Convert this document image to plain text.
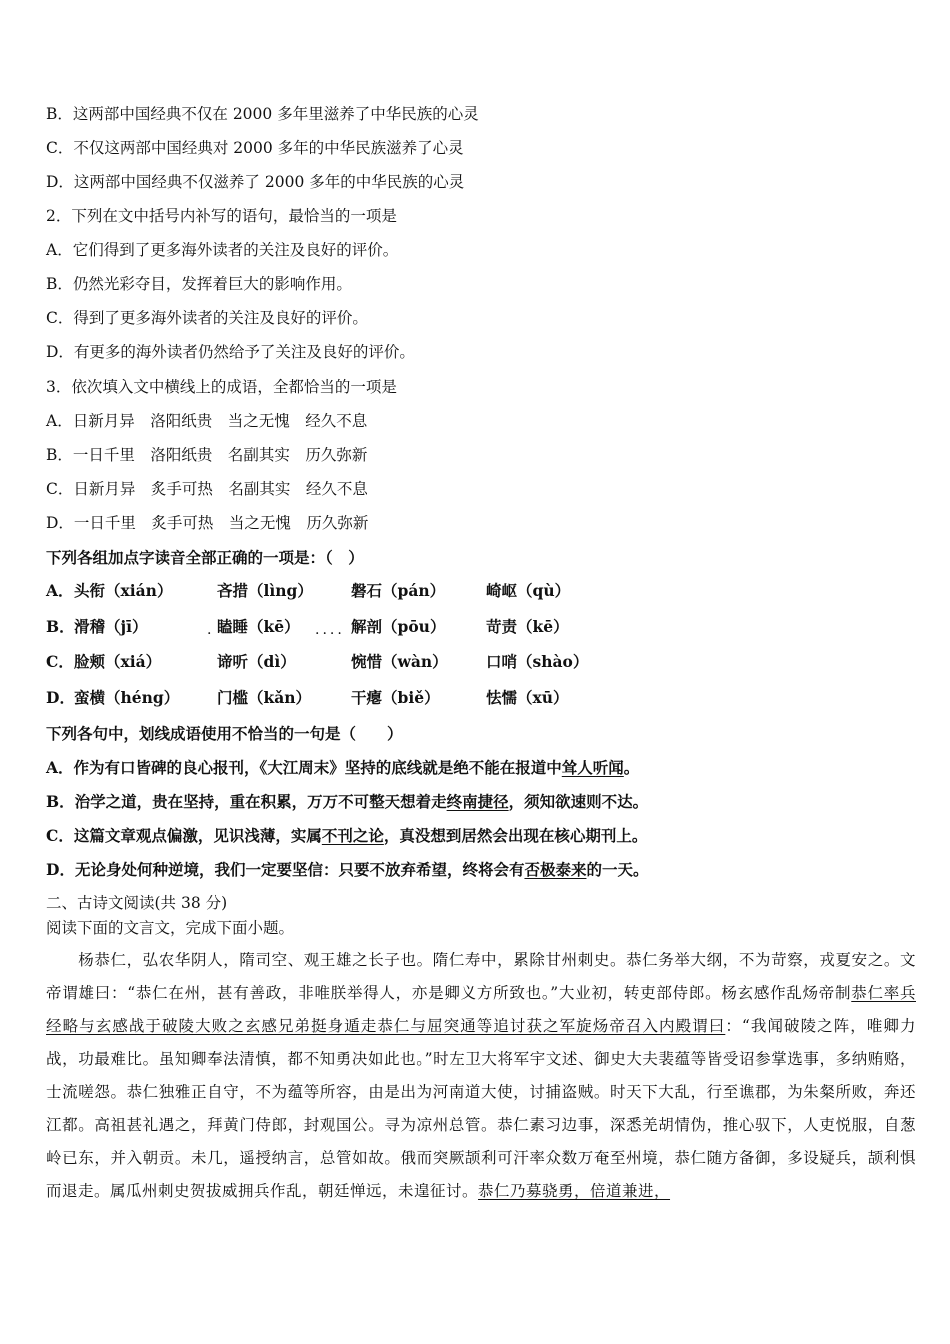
B．这两部中国经典不仅在 2000 多年里滋养了中华民族的心灵
C．不仅这两部中国经典对 2000 多年的中华民族滋养了心灵
D．这两部中国经典不仅滋养了 2000 多年的中华民族的心灵
2．下列在文中括号内补写的语句，最恰当的一项是
A．它们得到了更多海外读者的关注及良好的评价。
B．仍然光彩夺目，发挥着巨大的影响作用。
C．得到了更多海外读者的关注及良好的评价。
D．有更多的海外读者仍然给予了关注及良好的评价。
3．依次填入文中横线上的成语，全都恰当的一项是
A．日新月异　洛阳纸贵　当之无愧　经久不息
B．一日千里　洛阳纸贵　名副其实　历久弥新
C．日新月异　炙手可热　名副其实　经久不息
D．一日千里　炙手可热　当之无愧　历久弥新
下列各组加点字读音全部正确的一项是：（　）
A． 头衔（xián）	吝措（lìng） 磐石（pán）	崎岖（qù）
B． 滑稽（jī）	瞌睡（kē）	解剖（pōu）	苛责（kē）
.	....
C． 脸颊（xiá）	谛听（dì）	惋惜（wàn） 口哨（shào）
D． 蛮横（héng） 门槛（kǎn）	干瘪（biě）	怯懦（xū）
下列各句中，划线成语使用不恰当的一句是（　　）
A．作为有口皆碑的良心报刊，《大江周末》坚持的底线就是绝不能在报道中耸人听闻。
B．治学之道，贵在坚持，重在积累，万万不可整天想着走终南捷径，须知欲速则不达。
C．这篇文章观点偏激，见识浅薄，实属不刊之论，真没想到居然会出现在核心期刊上。
D．无论身处何种逆境，我们一定要坚信：只要不放弃希望，终将会有否极泰来的一天。
二、古诗文阅读(共 38 分)
阅读下面的文言文，完成下面小题。

　　杨恭仁，弘农华阴人，隋司空、观王雄之长子也。隋仁寿中，累除甘州刺史。恭仁务举大纲，不为苛察，戎夏安之。文帝谓雄曰：“恭仁在州，甚有善政，非唯朕举得人，亦是卿义方所致也。”大业初，转吏部侍郎。杨玄感作乱炀帝制恭仁率兵经略与玄感战于破陵大败之玄感兄弟挺身遁走恭仁与屈突通等追讨获之军旋炀帝召入内殿谓曰：“我闻破陵之阵，唯卿力战，功最难比。虽知卿奉法清慎，都不知勇决如此也。”时左卫大将军宇文述、御史大夫裴蕴等皆受诏参掌选事，多纳贿赂，士流嗟怨。恭仁独雅正自守，不为蕴等所容，由是出为河南道大使，讨捕盗贼。时天下大乱，行至谯郡，为朱粲所败，奔还江都。高祖甚礼遇之，拜黄门侍郎，封观国公。寻为凉州总管。恭仁素习边事，深悉羌胡情伪，推心驭下，人吏悦服，自葱岭已东，并入朝贡。未几，遥授纳言，总管如故。俄而突厥颉利可汗率众数万奄至州境，恭仁随方备御，多设疑兵，颉利惧而退走。属瓜州刺史贺拔威拥兵作乱，朝廷惮远，未遑征讨。恭仁乃募骁勇，倍道兼进，
